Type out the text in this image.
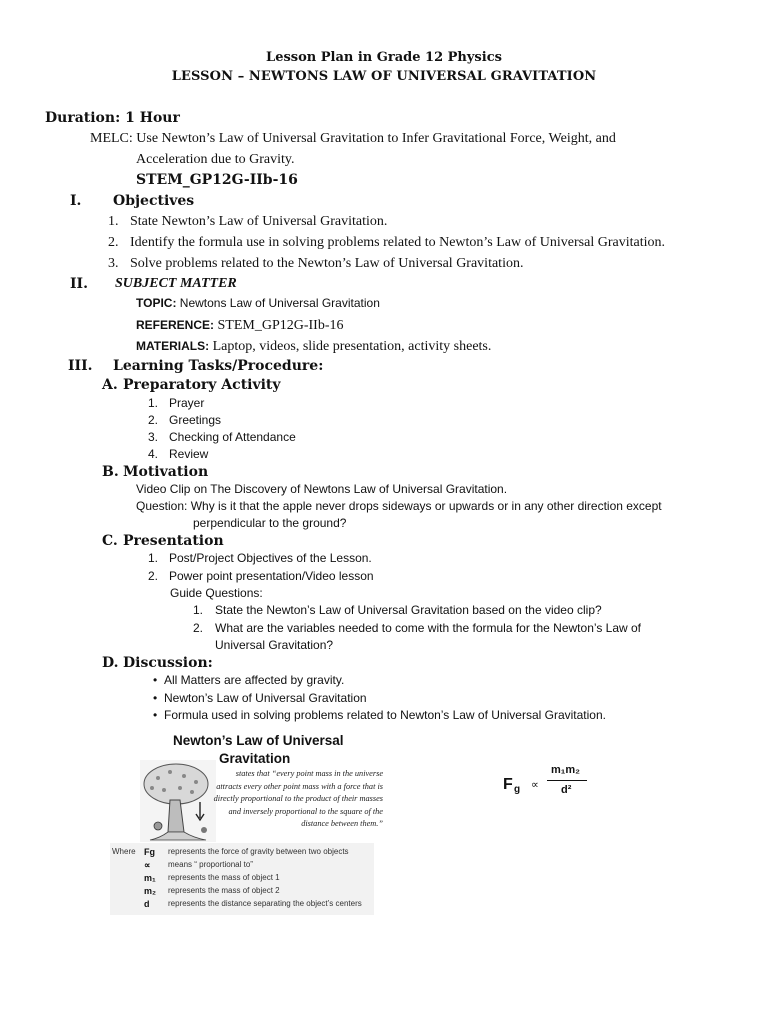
Lesson Plan in Grade 12 Physics
LESSON – NEWTONS LAW OF UNIVERSAL GRAVITATION
Duration: 1 Hour
MELC: Use Newton’s Law of Universal Gravitation to Infer Gravitational Force, Weight, and
Acceleration due to Gravity.
STEM_GP12G-IIb-16
I. Objectives
1. State Newton’s Law of Universal Gravitation.
2. Identify the formula use in solving problems related to Newton’s Law of Universal Gravitation.
3. Solve problems related to the Newton’s Law of Universal Gravitation.
II. SUBJECT MATTER
TOPIC: Newtons Law of Universal Gravitation
REFERENCE: STEM_GP12G-IIb-16
MATERIALS: Laptop, videos, slide presentation, activity sheets.
III. Learning Tasks/Procedure:
A. Preparatory Activity
1. Prayer
2. Greetings
3. Checking of Attendance
4. Review
B. Motivation
Video Clip on The Discovery of Newtons Law of Universal Gravitation.
Question: Why is it that the apple never drops sideways or upwards or in any other direction except
perpendicular to the ground?
C. Presentation
1. Post/Project Objectives of the Lesson.
2. Power point presentation/Video lesson
Guide Questions:
1. State the Newton’s Law of Universal Gravitation based on the video clip?
2. What are the variables needed to come with the formula for the Newton’s Law of
Universal Gravitation?
D. Discussion:
• All Matters are affected by gravity.
• Newton’s Law of Universal Gravitation
• Formula used in solving problems related to Newton’s Law of Universal Gravitation.
Newton’s Law of Universal
Gravitation
states that “every point mass in the universe attracts every other point mass with a force that is directly proportional to the product of their masses and inversely proportional to the square of the distance between them.”
F g ∝
m₁m₂
d²
Where Fg represents the force of gravity between two objects
∝ means “ proportional to”
m₁ represents the mass of object 1
m₂ represents the mass of object 2
d represents the distance separating the object’s centers
